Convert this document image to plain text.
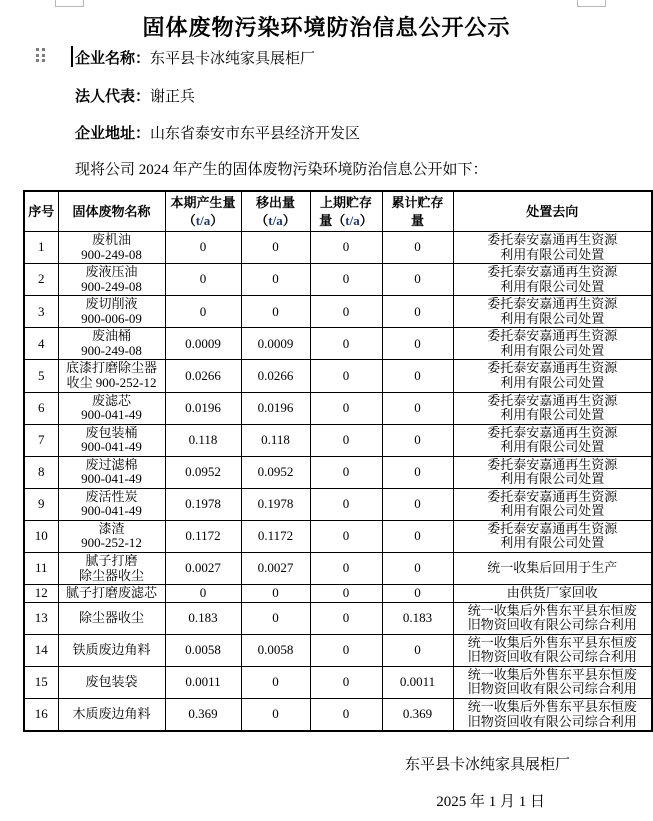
固体废物污染环境防治信息公开公示
企业名称：东平县卡冰纯家具展柜厂
法人代表：谢正兵
企业地址：山东省泰安市东平县经济开发区

现将公司 2024 年产生的固体废物污染环境防治信息公开如下：

序号	固体废物名称	本期产生量
（t/a）	移出量
（t/a）	上期贮存量（t/a）	累计贮存量	处置去向
1	废机油
900-249-08	0	0	0	0	委托泰安嘉通再生资源
利用有限公司处置

2	废液压油
900-249-08	0	0	0	0	委托泰安嘉通再生资源
利用有限公司处置

3	废切削液
900-006-09	0	0	0	0	委托泰安嘉通再生资源
利用有限公司处置

4	废油桶
900-249-08	0.0009	0.0009	0	0	委托泰安嘉通再生资源
利用有限公司处置

5	底漆打磨除尘器
收尘 900-252-12	0.0266	0.0266	0	0	委托泰安嘉通再生资源
利用有限公司处置

6	废滤芯
900-041-49	0.0196	0.0196	0	0	委托泰安嘉通再生资源
利用有限公司处置

7	废包装桶
900-041-49	0.118	0.118	0	0	委托泰安嘉通再生资源
利用有限公司处置

8	废过滤棉
900-041-49	0.0952	0.0952	0	0	委托泰安嘉通再生资源
利用有限公司处置

9	废活性炭
900-041-49	0.1978	0.1978	0	0	委托泰安嘉通再生资源
利用有限公司处置

10	漆渣
900-252-12	0.1172	0.1172	0	0	委托泰安嘉通再生资源
利用有限公司处置

11	腻子打磨
除尘器收尘	0.0027	0.0027	0	0	统一收集后回用于生产

12	腻子打磨废滤芯	0	0	0	0	由供货厂家回收

13	除尘器收尘	0.183	0	0	0.183	统一收集后外售东平县东恒废
旧物资回收有限公司综合利用

14	铁质废边角料	0.0058	0.0058	0	0	统一收集后外售东平县东恒废
旧物资回收有限公司综合利用

15	废包装袋	0.0011	0	0	0.0011	统一收集后外售东平县东恒废
旧物资回收有限公司综合利用

16	木质废边角料	0.369	0	0	0.369	统一收集后外售东平县东恒废
旧物资回收有限公司综合利用
东平县卡冰纯家具展柜厂
2025 年 1 月 1 日
